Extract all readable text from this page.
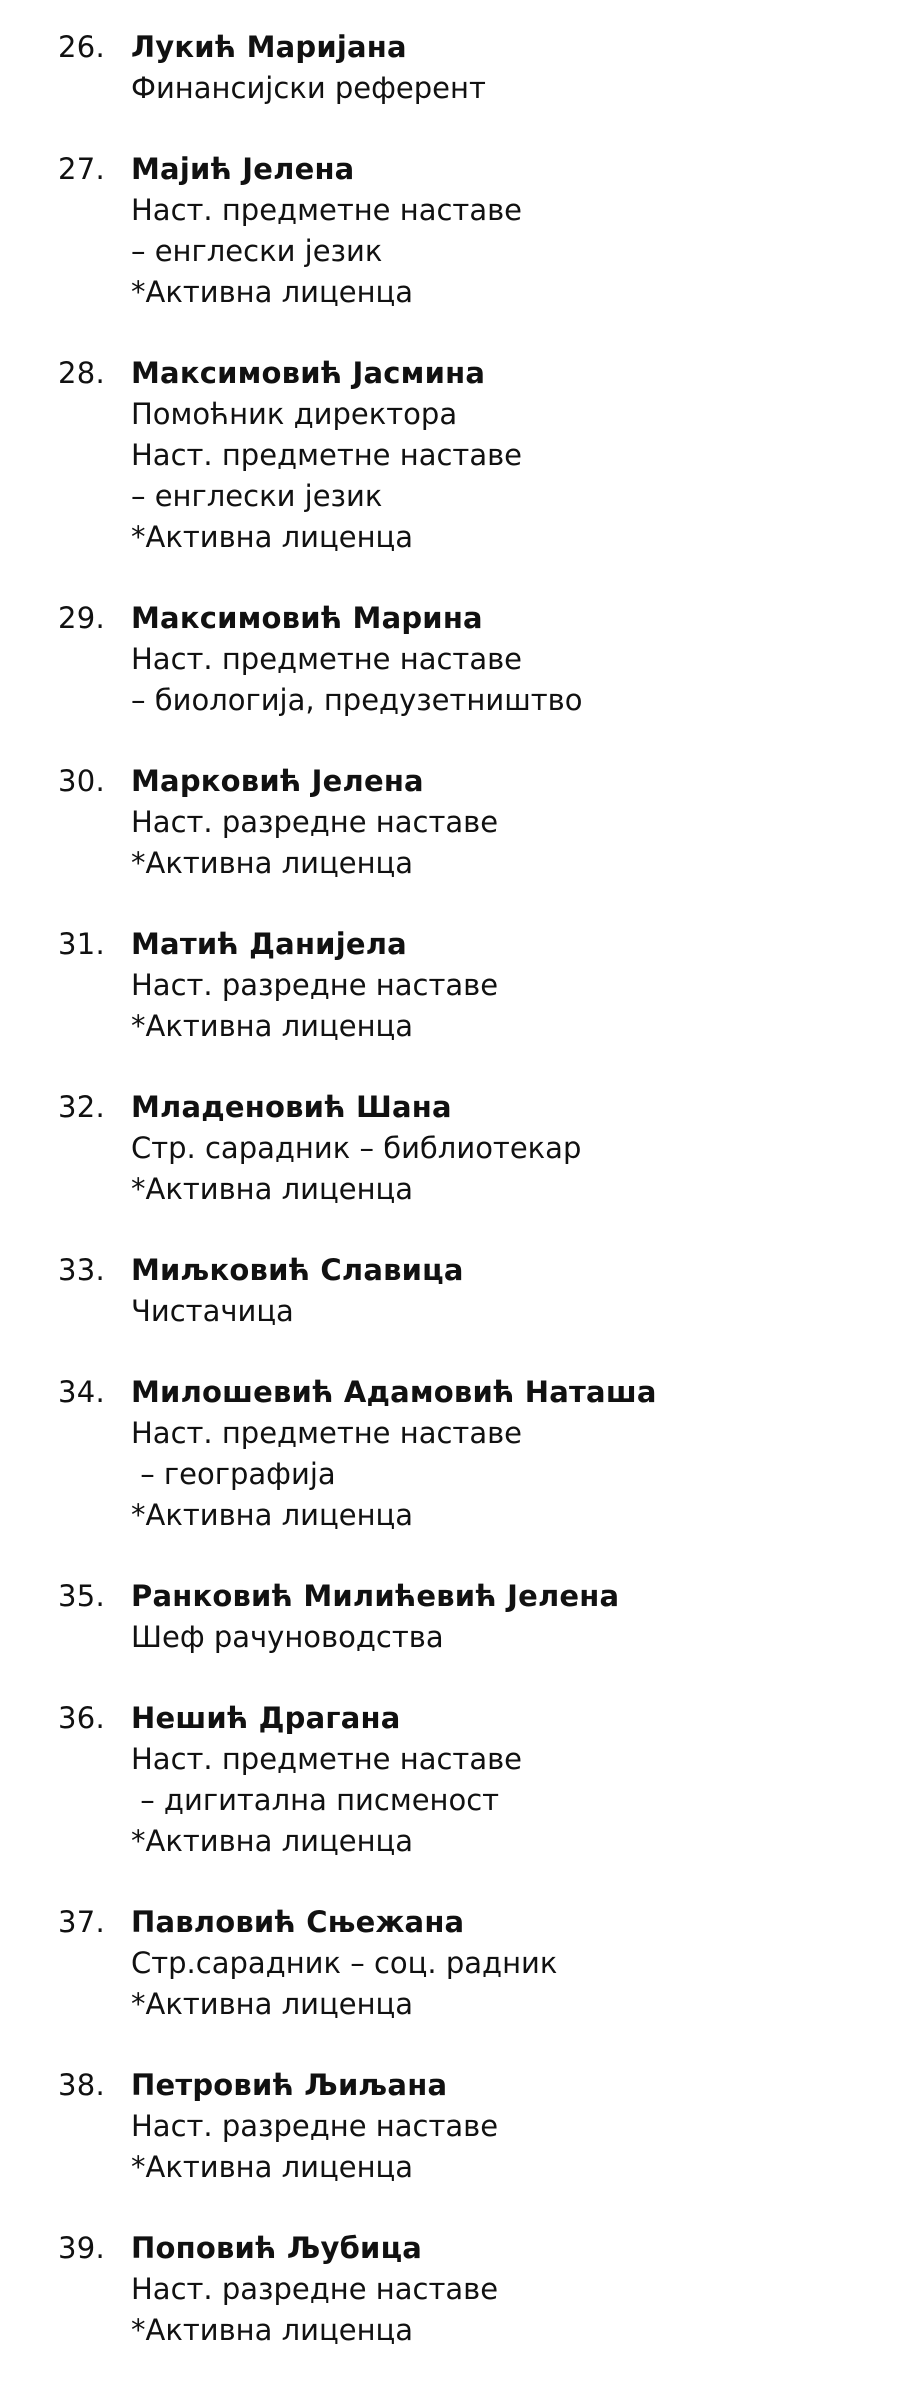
26. Лукић Маријана
Финансијски референт
27. Мајић Јелена
Наст. предметне наставе
– енглески језик
*Активна лиценца
28. Максимовић Јасмина
Помоћник директора
Наст. предметне наставе
– енглески језик
*Активна лиценца
29. Максимовић Марина
Наст. предметне наставе
– биологија, предузетништво
30. Марковић Јелена
Наст. разредне наставе
*Активна лиценца
31. Матић Данијела
Наст. разредне наставе
*Активна лиценца
32. Младеновић Шана
Стр. сарадник – библиотекар
*Активна лиценца
33. Миљковић Славица
Чистачица
34. Милошевић Адамовић Наташа
Наст. предметне наставе
– географија
*Активна лиценца
35. Ранковић Милићевић Јелена
Шеф рачуноводства
36. Нешић Драгана
Наст. предметне наставе
– дигитална писменост
*Активна лиценца
37. Павловић Сњежана
Стр.сарадник – соц. радник
*Активна лиценца
38. Петровић Љиљана
Наст. разредне наставе
*Активна лиценца
39. Поповић Љубица
Наст. разредне наставе
*Активна лиценца
